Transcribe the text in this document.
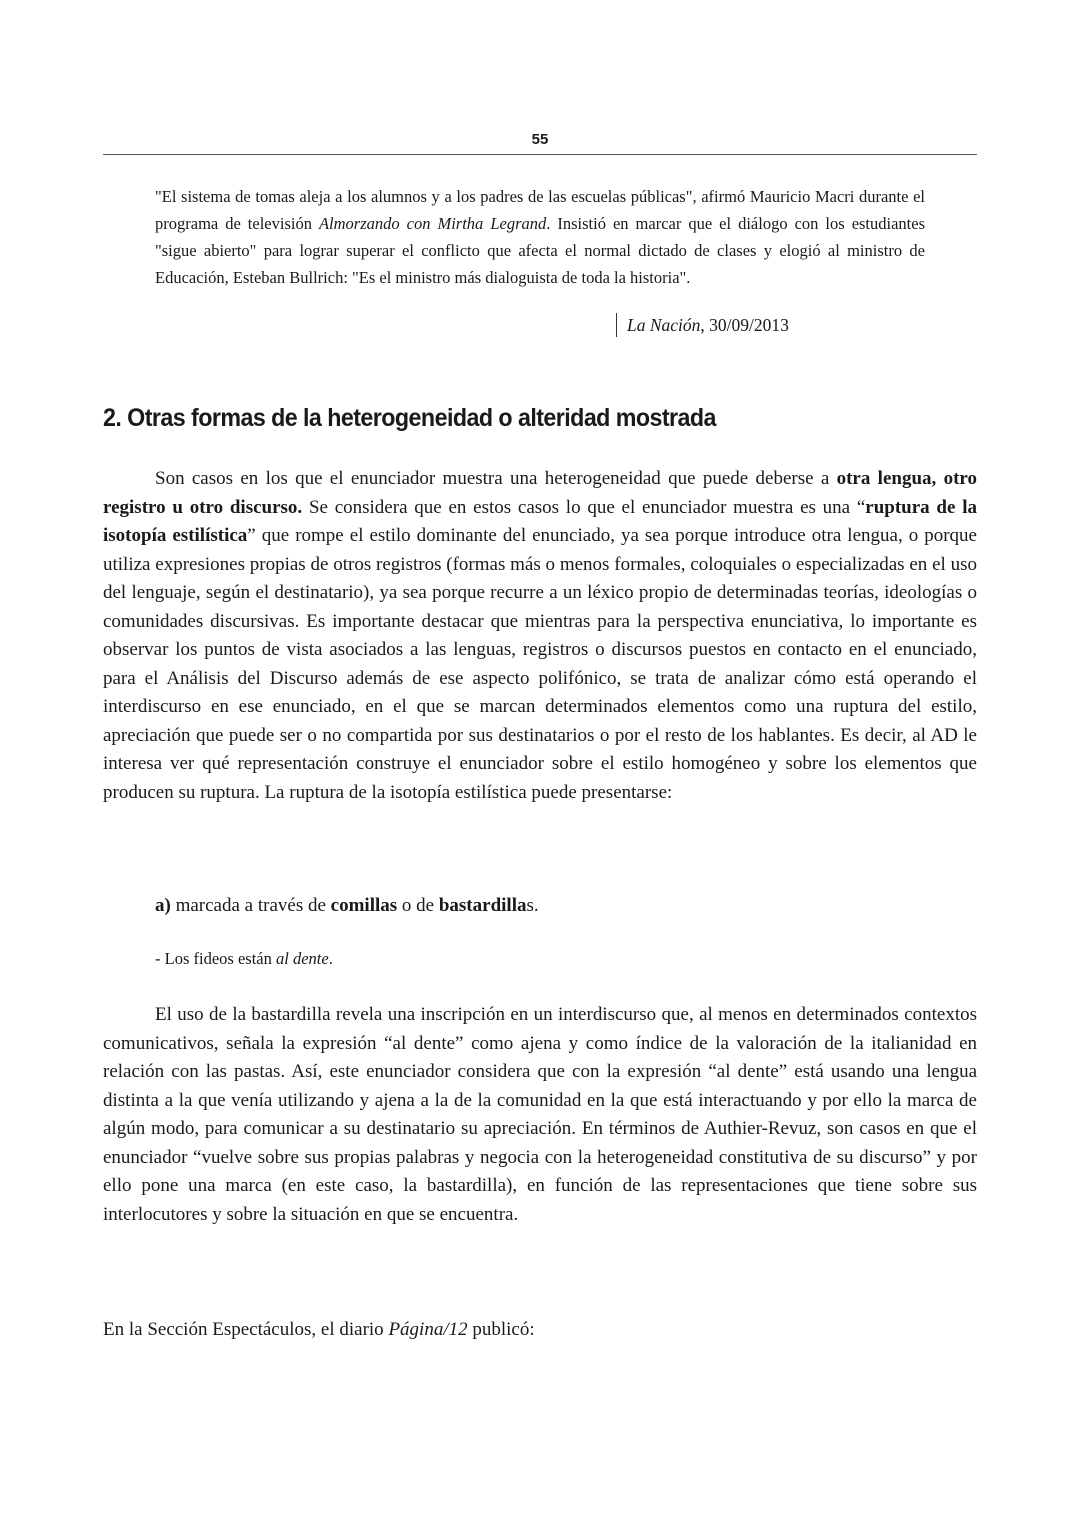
55
"El sistema de tomas aleja a los alumnos y a los padres de las escuelas públicas", afirmó Mauricio Macri durante el programa de televisión Almorzando con Mirtha Legrand. Insistió en marcar que el diálogo con los estudiantes "sigue abierto" para lograr superar el conflicto que afecta el normal dictado de clases y elogió al ministro de Educación, Esteban Bullrich: "Es el ministro más dialoguista de toda la historia".
La Nación, 30/09/2013
2. Otras formas de la heterogeneidad o alteridad mostrada

Son casos en los que el enunciador muestra una heterogeneidad que puede deberse a otra lengua, otro registro u otro discurso. Se considera que en estos casos lo que el enunciador muestra es una “ruptura de la isotopía estilística” que rompe el estilo dominante del enunciado, ya sea porque introduce otra lengua, o porque utiliza expresiones propias de otros registros (formas más o menos formales, coloquiales o especializadas en el uso del lenguaje, según el destinatario), ya sea porque recurre a un léxico propio de determinadas teorías, ideologías o comunidades discursivas. Es importante destacar que mientras para la perspectiva enunciativa, lo importante es observar los puntos de vista asociados a las lenguas, registros o discursos puestos en contacto en el enunciado, para el Análisis del Discurso además de ese aspecto polifónico, se trata de analizar cómo está operando el interdiscurso en ese enunciado, en el que se marcan determinados elementos como una ruptura del estilo, apreciación que puede ser o no compartida por sus destinatarios o por el resto de los hablantes. Es decir, al AD le interesa ver qué representación construye el enunciador sobre el estilo homogéneo y sobre los elementos que producen su ruptura. La ruptura de la isotopía estilística puede presentarse:

a) marcada a través de comillas o de bastardillas.

- Los fideos están al dente.

El uso de la bastardilla revela una inscripción en un interdiscurso que, al menos en determinados contextos comunicativos, señala la expresión “al dente” como ajena y como índice de la valoración de la italianidad en relación con las pastas. Así, este enunciador considera que con la expresión “al dente” está usando una lengua distinta a la que venía utilizando y ajena a la de la comunidad en la que está interactuando y por ello la marca de algún modo, para comunicar a su destinatario su apreciación. En términos de Authier-Revuz, son casos en que el enunciador “vuelve sobre sus propias palabras y negocia con la heterogeneidad constitutiva de su discurso” y por ello pone una marca (en este caso, la bastardilla), en función de las representaciones que tiene sobre sus interlocutores y sobre la situación en que se encuentra.

En la Sección Espectáculos, el diario Página/12 publicó:
